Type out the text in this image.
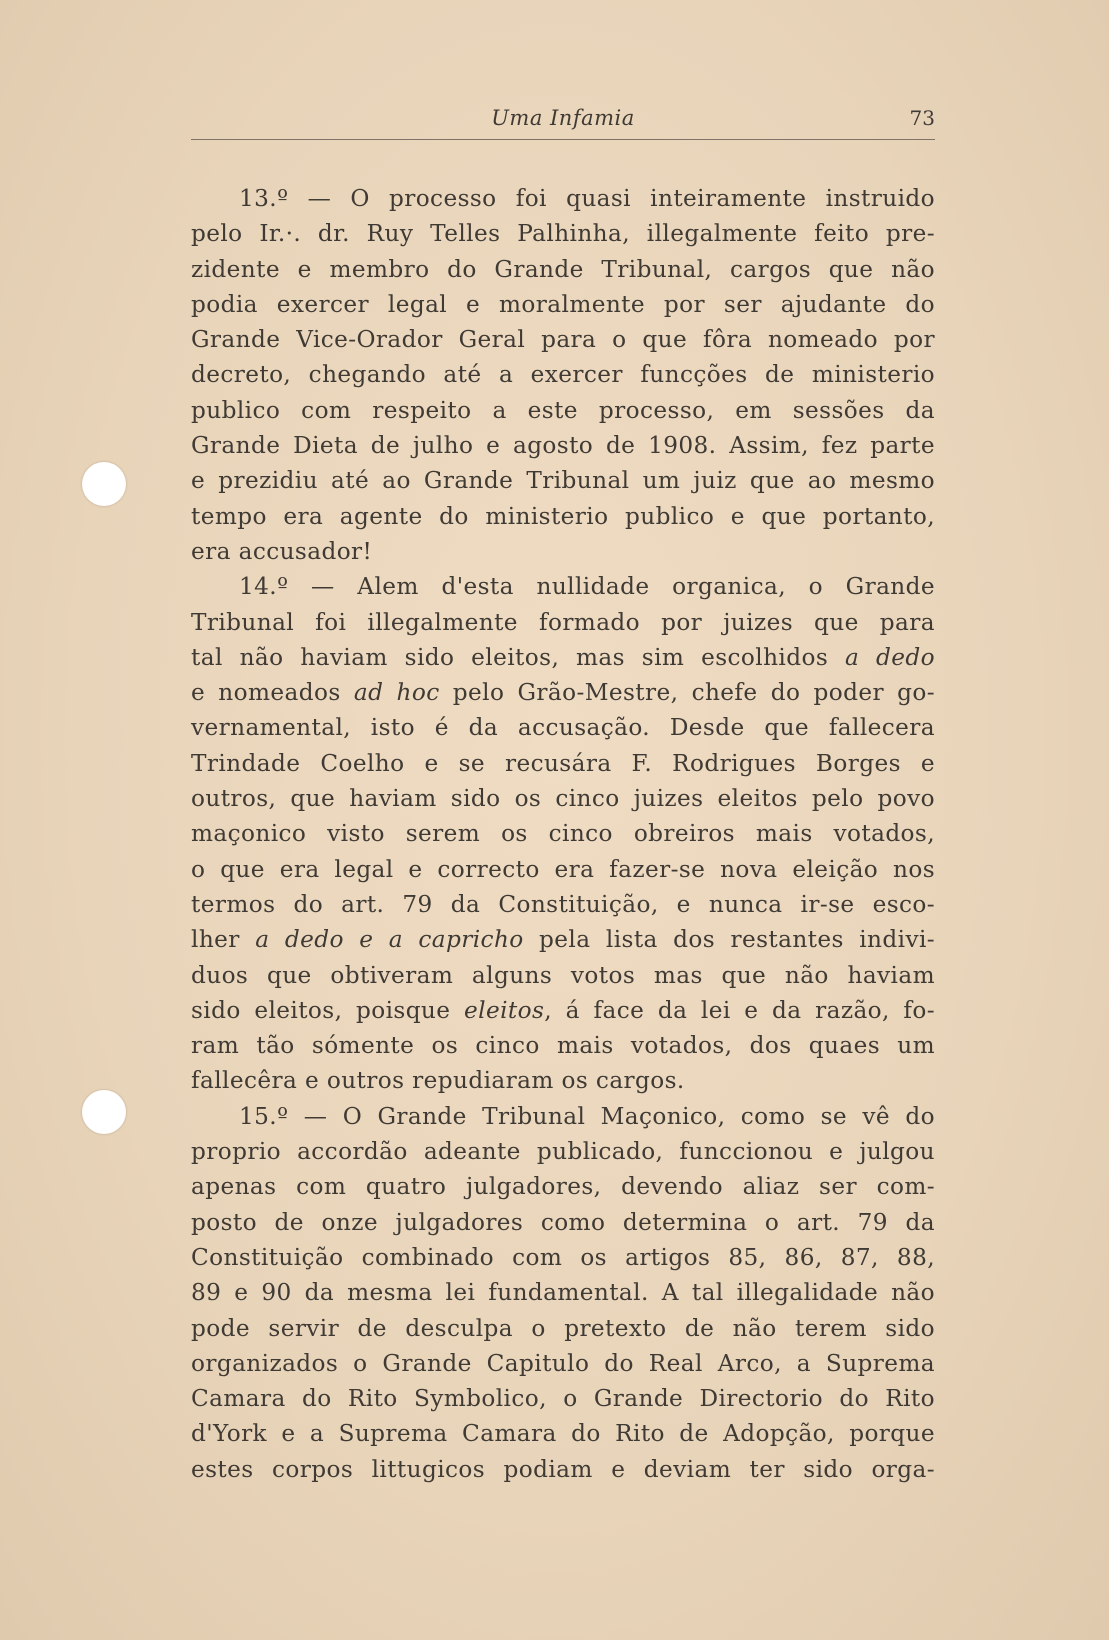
Uma Infamia	73
13.º — O processo foi quasi inteiramente instruido
pelo Ir.·. dr. Ruy Telles Palhinha, illegalmente feito pre-
zidente e membro do Grande Tribunal, cargos que não
podia exercer legal e moralmente por ser ajudante do
Grande Vice-Orador Geral para o que fôra nomeado por
decreto, chegando até a exercer funcções de ministerio
publico com respeito a este processo, em sessões da
Grande Dieta de julho e agosto de 1908. Assim, fez parte
e prezidiu até ao Grande Tribunal um juiz que ao mesmo
tempo era agente do ministerio publico e que portanto,
era accusador!
14.º — Alem d'esta nullidade organica, o Grande
Tribunal foi illegalmente formado por juizes que para
tal não haviam sido eleitos, mas sim escolhidos a dedo
e nomeados ad hoc pelo Grão-Mestre, chefe do poder go-
vernamental, isto é da accusação. Desde que fallecera
Trindade Coelho e se recusára F. Rodrigues Borges e
outros, que haviam sido os cinco juizes eleitos pelo povo
maçonico visto serem os cinco obreiros mais votados,
o que era legal e correcto era fazer-se nova eleição nos
termos do art. 79 da Constituição, e nunca ir-se esco-
lher a dedo e a capricho pela lista dos restantes indivi-
duos que obtiveram alguns votos mas que não haviam
sido eleitos, poisque eleitos, á face da lei e da razão, fo-
ram tão sómente os cinco mais votados, dos quaes um
fallecêra e outros repudiaram os cargos.
15.º — O Grande Tribunal Maçonico, como se vê do
proprio accordão adeante publicado, funccionou e julgou
apenas com quatro julgadores, devendo aliaz ser com-
posto de onze julgadores como determina o art. 79 da
Constituição combinado com os artigos 85, 86, 87, 88,
89 e 90 da mesma lei fundamental. A tal illegalidade não
pode servir de desculpa o pretexto de não terem sido
organizados o Grande Capitulo do Real Arco, a Suprema
Camara do Rito Symbolico, o Grande Directorio do Rito
d'York e a Suprema Camara do Rito de Adopção, porque
estes corpos littugicos podiam e deviam ter sido orga-
